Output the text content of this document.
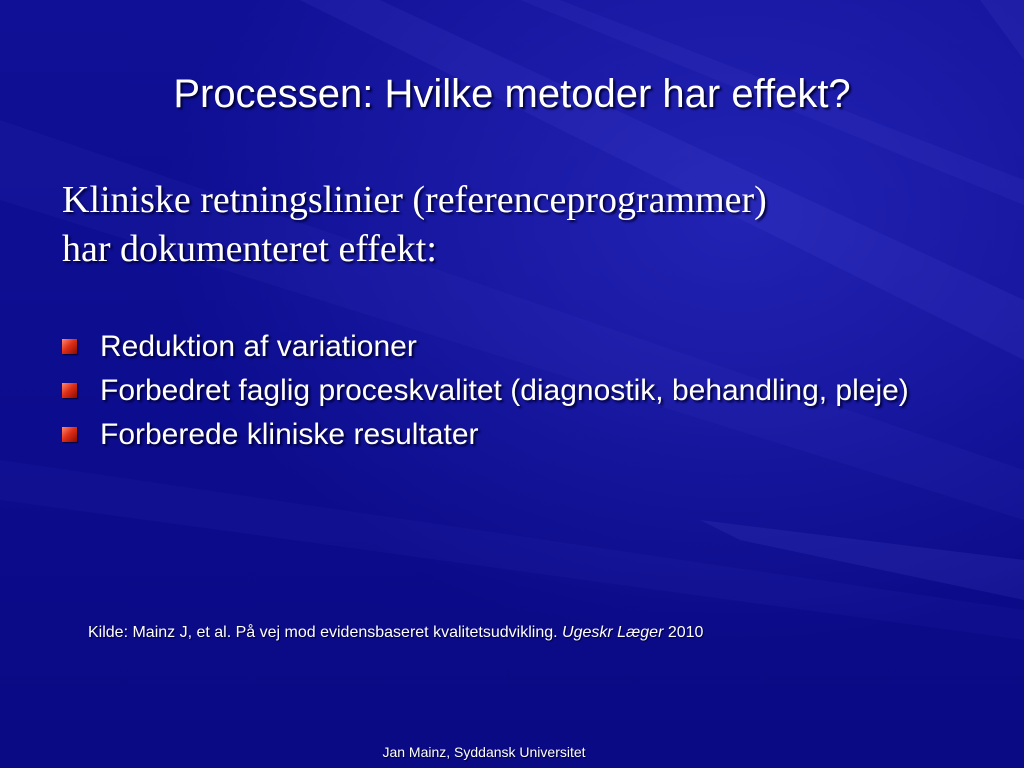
Processen: Hvilke metoder har effekt?
Kliniske retningslinier (referenceprogrammer)
har dokumenteret effekt:
Reduktion af variationer
Forbedret faglig proceskvalitet (diagnostik, behandling, pleje)
Forberede kliniske resultater
Kilde: Mainz J, et al. På vej mod evidensbaseret kvalitetsudvikling. Ugeskr Læger 2010
Jan Mainz, Syddansk Universitet
